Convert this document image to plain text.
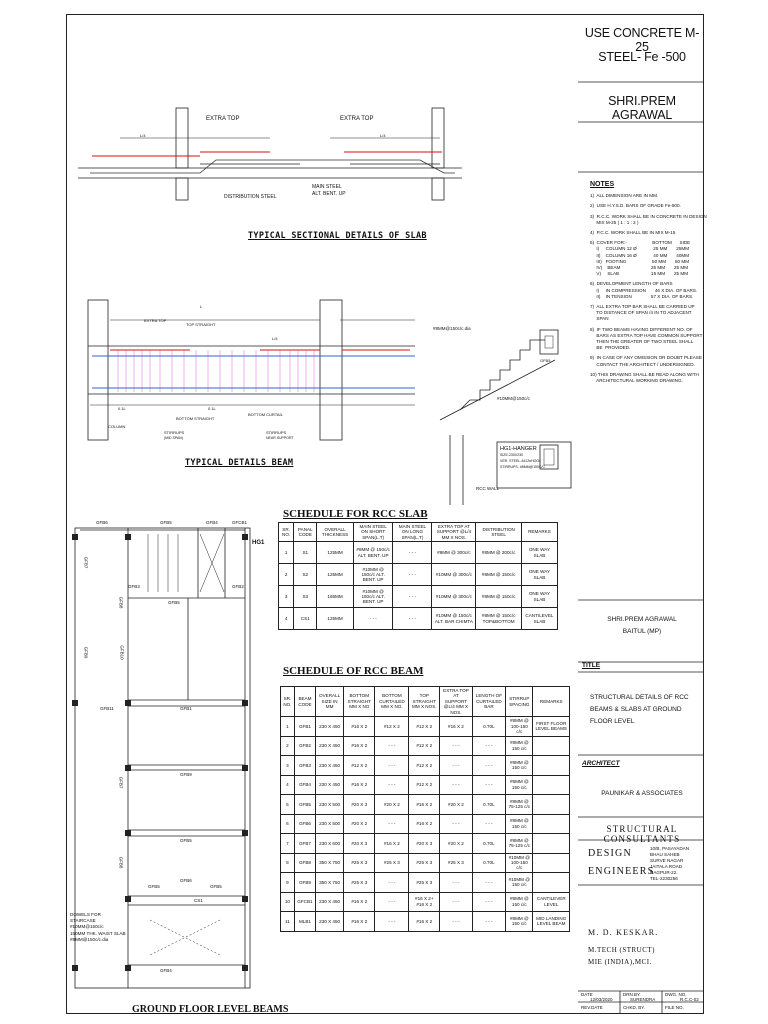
EXTRA TOP	EXTRA TOP
L/4	L/4
DISTRIBUTION STEEL
MAIN STEEL
ALT. BENT. UP
TYPICAL SECTIONAL DETAILS OF SLAB
L
EXTRA TOP
TOP STRAIGHT
L/4
0.1L	0.1L
COLUMN
BOTTOM STRAIGHT
BOTTOM CURTAIL
STIRRUPS
(MID SPAN)
STIRRUPS
NEAR SUPPORT
TYPICAL DETAILS BEAM
#8MM@150c/c.dia
#10MM@150c/c
GFB5
RCC WALL
HG1-HANGER
SIZE-230X230
VER. STEEL-4#12#HOOL
STIRRUPS- #8MM@150C/C
GFB6	GFB5	GFB4	GFCB1
HG1
GFB7
GFB8
GFB9	GFB10
GFB3
GFB5
GFB2
GFB1
GFB11
GFB9
GFB5
GFB6
GFB7
GFB8
CS1
GFB5	GFB5
GFB4
DOWELS FOR
STAIRCASE
#10MM@150c/c
150MM THK. WAIST SLAB
#8MM@150c/c.dia
GROUND FLOOR LEVEL BEAMS
SCHEDULE FOR RCC SLAB
SR. NO.	PANAL CODE	OVERALL THICKNESS	MAIN STEEL ON SHORT SPAN(L.T)	MAIN STEEL ON LONG SPAN(L.T)	EXTRA TOP AT SUPPORT @L/4 MM X NOS.	DISTRIBUTION STEEL	REMARKS
1	S1	125MM	#8MM @ 150c/c ALT. BENT. UP	- - -	#8MM @ 300c/c	#8MM @ 200c/c	ONE WAY SLAB
2	S2	125MM	#10MM @ 150c/c ALT. BENT. UP	- - -	#10MM @ 300c/c	#8MM @ 150c/c	ONE WAY SLAB
3	S3	165MM	#10MM @ 150c/c ALT. BENT. UP	- - -	#10MM @ 300c/c	#8MM @ 150c/c	ONE WAY SLAB
4	CS1	125MM	- - -	- - -	#10MM @ 150c/c ALT. BAR CHIMTA	#8MM @ 150c/c TOP&BOTTOM	CANTILEVEL SLAB
SCHEDULE OF RCC BEAM
SR. NO.	BEAM CODE	OVERALL SIZE IN MM	BOTTOM STRAIGHT MM X NO	BOTTOM CURTAILED MM X NO.	TOP STRAIGHT MM X NOS.	EXTRA TOP AT SUPPORT @L/4 MM X NOS.	LENGTH OF CURTAILED BAR	STIRRUP SPACING	REMARKS
1	GFB1	230 X 450	#16 X 2	#12 X 2	#12 X 2	#16 X 2	0.70L	#8MM @ 100-150 c/c	FIRST FLOOR LEVEL BEAMS
2	GFB2	230 X 450	#16 X 2	- - -	#12 X 2	- - -	- - -	#8MM @ 150 c/c	
3	GFB3	230 X 450	#12 X 2	- - -	#12 X 2	- - -	- - -	#8MM @ 150 c/c	
4	GFB4	230 X 450	#16 X 2	- - -	#12 X 2	- - -	- - -	#8MM @ 150 c/c	
5	GFB5	230 X 500	#20 X 3	#20 X 2	#16 X 2	#20 X 2	0.70L	#8MM @ 75-125 c/c	
6	GFB6	230 X 500	#20 X 2	- - -	#16 X 2	- - -	- - -	#8MM @ 150 c/c	
7	GFB7	230 X 600	#20 X 3	#16 X 2	#20 X 3	#20 X 2	0.70L	#8MM @ 75-125 c/c	
8	GFB8	350 X 750	#25 X 3	#25 X 3	#25 X 3	#25 X 3	0.70L	#10MM @ 100-150 c/c	
9	GFB9	350 X 750	#25 X 3	- - -	#25 X 3	- - -	- - -	#10MM @ 150 c/c	
10	GFCB1	230 X 450	#16 X 2	- - -	#16 X 2+ #16 X 2	- - -	- - -	#8MM @ 150 c/c	CANTILEVER LEVEL
11	MLB1	230 X 450	#16 X 2	- - -	#16 X 2	- - -	- - -	#8MM @ 150 c/c	MID LANDING LEVEL BEAM
USE CONCRETE M-25
STEEL- Fe -500
SHRI.PREM AGRAWAL
NOTES
1)  ALL DIMENSION ARE IN MM.
2)  USE H.Y.S.D. BARS OF GRADE Fe-500.
3)  R.C.C. WORK SHALL BE IN CONCRETE IN DESIGN
MIX M-25 ( 1 : 1 : 2 )
4)  P.C.C. WORK SHALL BE IN MIX M-15
5)  COVER FOR:-                    BOTTOM      SIDE
I)     COLUMN 12 Ø             25 MM       25MM
II)    COLUMN 16 Ø             40 MM       40MM
III)   FOOTING                    50 MM       50 MM
IV)    BEAM                        25 MM       25 MM
V)     SLAB                         15 MM       25 MM
6)  DEVELOPMENT LENGTH OF BARS
I)     IN COMPRESSION       46 X DIA. OF BARS.
II)    IN TENSION               57 X DIA. OF BARS.
7)  ALL EXTRA TOP BAR SHALL BE CARRIED UP
TO DISTANCE OF SPAN /4 IN TO ADJACENT
SPAN
8)  IF TWO BEAMS HAVING DIFFERENT NO. OF
BARS AS EXTRA TOP HAVE COMMON SUPPORT
THEN THE GREATER OF TWO STEEL SHALL
BE  PROVIDED.
9)  IN CASE OF ANY OMISSION OR DOUBT PLEASE
CONTACT THE ARCHITECT / UNDERSIGNED.
10) THIS DRAWING SHALL BE READ ALONG WITH
ARCHITECTURAL WORKING DRAWING.
SHRI.PREM AGRAWAL
BAITUL (MP)
TITLE
STRUCTURAL DETAILS OF RCC BEAMS & SLABS AT GROUND FLOOR LEVEL
ARCHITECT
PAUNIKAR & ASSOCIATES
STRUCTURAL CONSULTANTS
DESIGN
ENGINEERS
10/B, PASAYADAN
BHAU SAHEB
SURVE NAGAR
JAITALA ROAD
NAGPUR-22.
TEL-2230256
M. D. KESKAR.
M.TECH (STRUCT)
MIE (INDIA),MCI.
DATE
12/03/2020
DRN.BY.
SURENDRA
DWG. NO.
R.C.C-02
REV.DATE	CHKD. BY.	FILE NO.
